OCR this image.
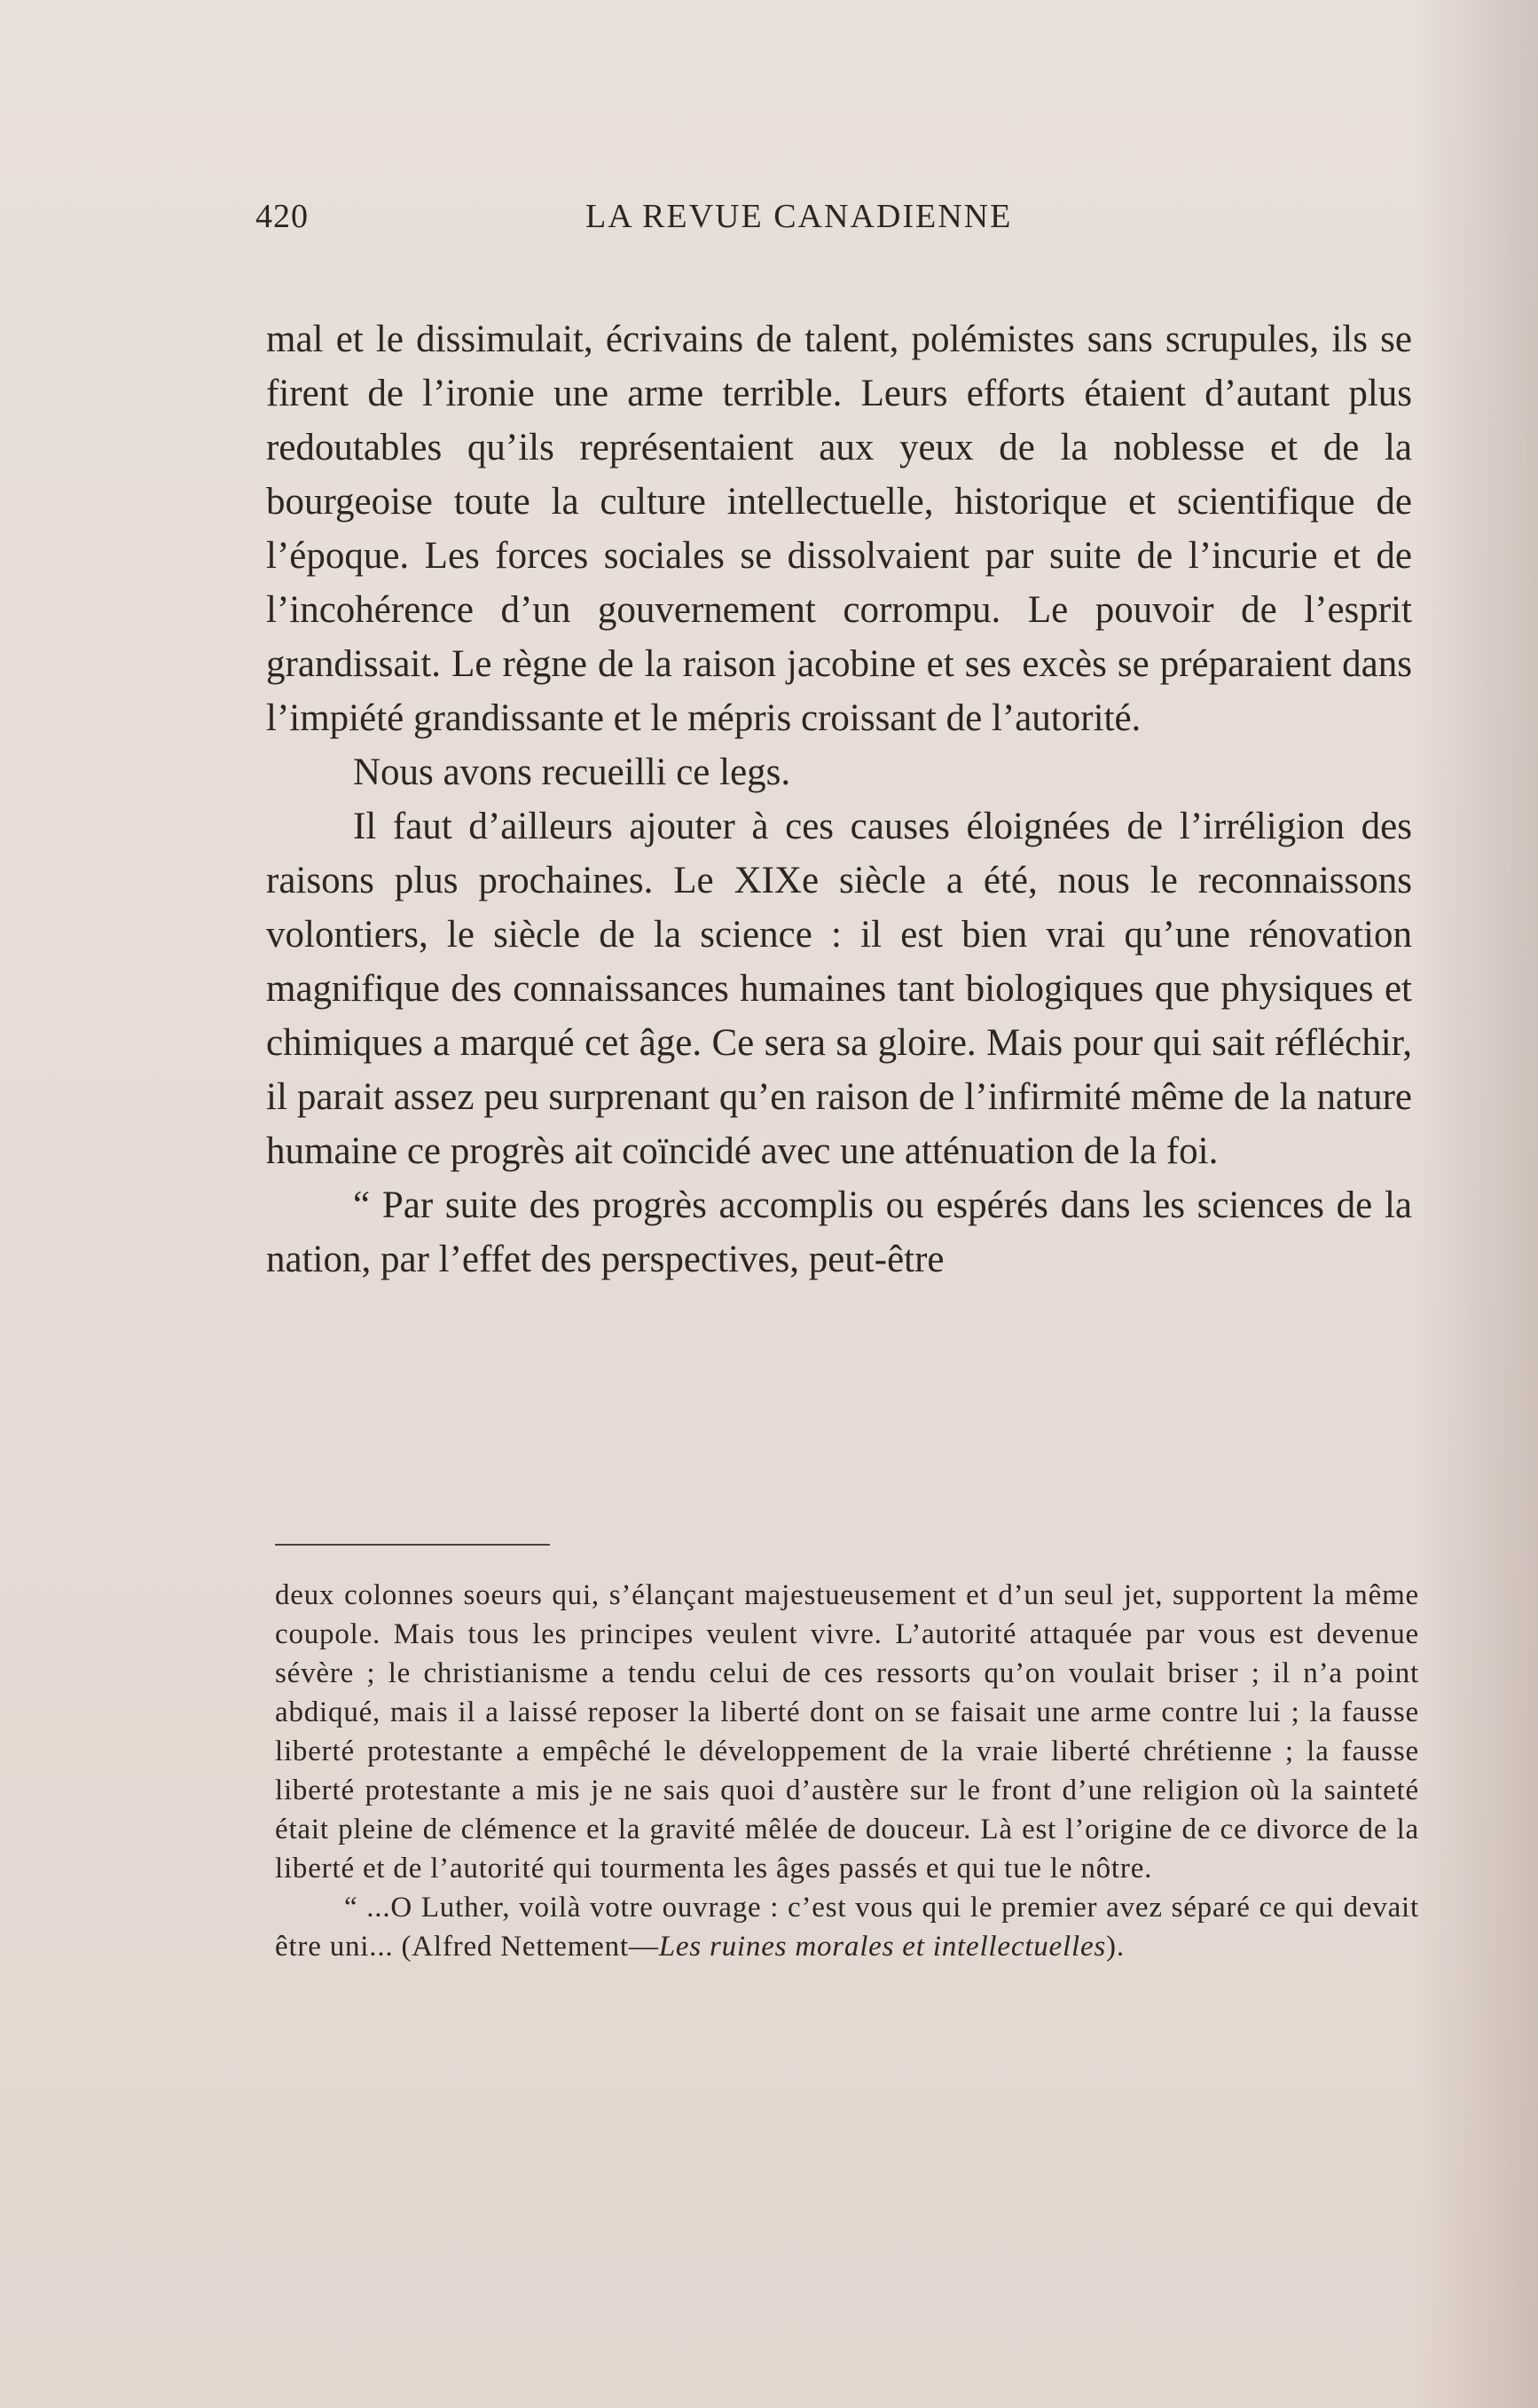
420	LA REVUE CANADIENNE

mal et le dissimulait, écrivains de talent, polémistes sans scrupules, ils se firent de l’ironie une arme terrible. Leurs efforts étaient d’autant plus redoutables qu’ils représentaient aux yeux de la noblesse et de la bourgeoise toute la culture intellectuelle, historique et scientifique de l’époque. Les forces sociales se dissolvaient par suite de l’incurie et de l’incohérence d’un gouvernement corrompu. Le pouvoir de l’esprit grandissait. Le règne de la raison jacobine et ses excès se préparaient dans l’impiété grandissante et le mépris croissant de l’autorité.

Nous avons recueilli ce legs.

Il faut d’ailleurs ajouter à ces causes éloignées de l’irréligion des raisons plus prochaines. Le XIXe siècle a été, nous le reconnaissons volontiers, le siècle de la science : il est bien vrai qu’une rénovation magnifique des connaissances humaines tant biologiques que physiques et chimiques a marqué cet âge. Ce sera sa gloire. Mais pour qui sait réfléchir, il parait assez peu surprenant qu’en raison de l’infirmité même de la nature humaine ce progrès ait coïncidé avec une atténuation de la foi.

“ Par suite des progrès accomplis ou espérés dans les sciences de la nation, par l’effet des perspectives, peut-être

deux colonnes soeurs qui, s’élançant majestueusement et d’un seul jet, supportent la même coupole. Mais tous les principes veulent vivre. L’autorité attaquée par vous est devenue sévère ; le christianisme a tendu celui de ces ressorts qu’on voulait briser ; il n’a point abdiqué, mais il a laissé reposer la liberté dont on se faisait une arme contre lui ; la fausse liberté protestante a empêché le développement de la vraie liberté chrétienne ; la fausse liberté protestante a mis je ne sais quoi d’austère sur le front d’une religion où la sainteté était pleine de clémence et la gravité mêlée de douceur. Là est l’origine de ce divorce de la liberté et de l’autorité qui tourmenta les âges passés et qui tue le nôtre.

“ ...O Luther, voilà votre ouvrage : c’est vous qui le premier avez séparé ce qui devait être uni... (Alfred Nettement—Les ruines morales et intellectuelles).
